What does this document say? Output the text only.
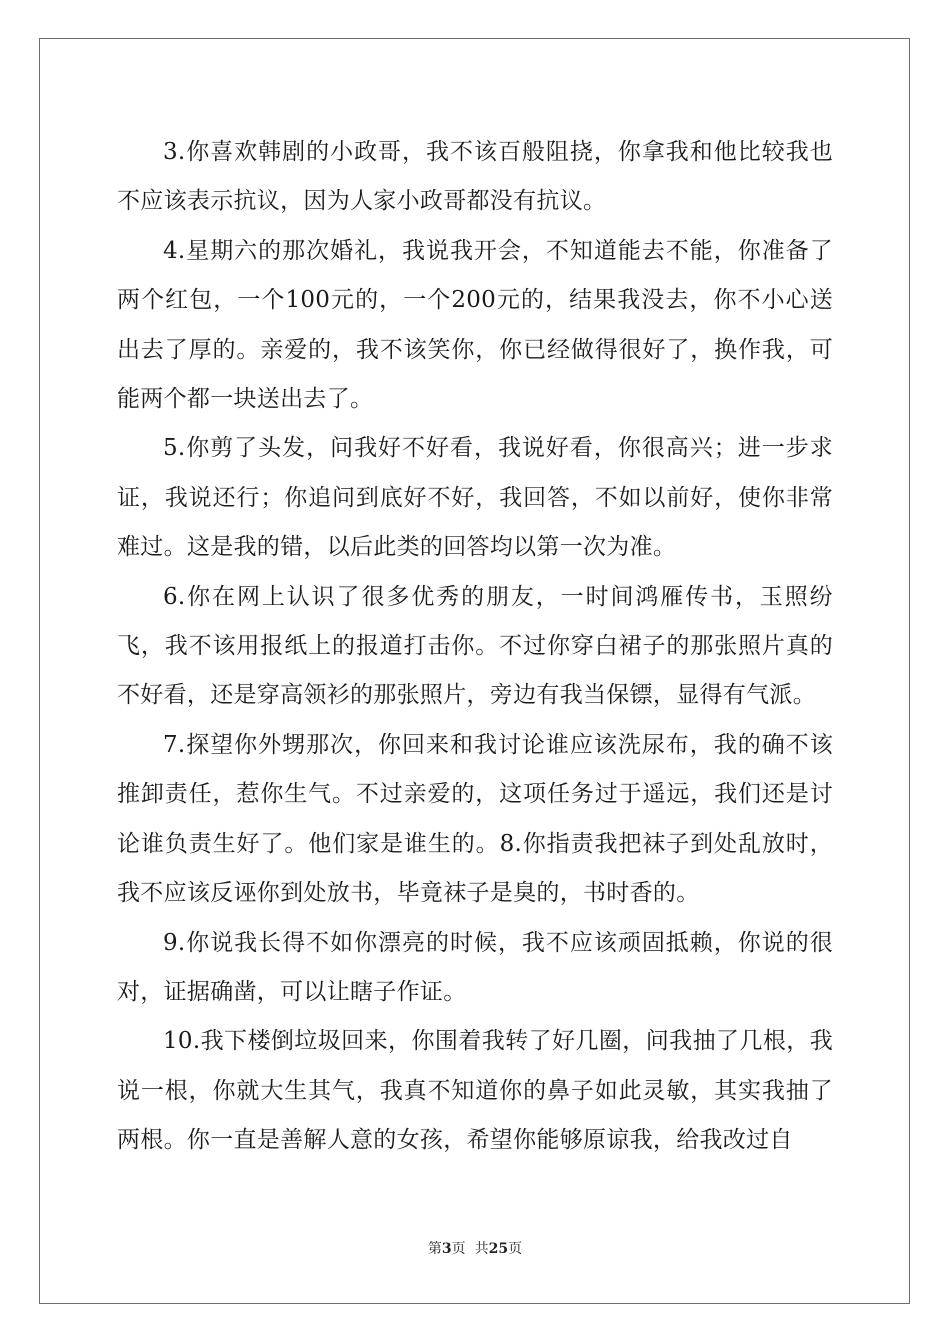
3.你喜欢韩剧的小政哥，我不该百般阻挠，你拿我和他比较我也不应该表示抗议，因为人家小政哥都没有抗议。

4.星期六的那次婚礼，我说我开会，不知道能去不能，你准备了两个红包，一个100元的，一个200元的，结果我没去，你不小心送出去了厚的。亲爱的，我不该笑你，你已经做得很好了，换作我，可能两个都一块送出去了。

5.你剪了头发，问我好不好看，我说好看，你很高兴；进一步求证，我说还行；你追问到底好不好，我回答，不如以前好，使你非常难过。这是我的错，以后此类的回答均以第一次为准。

6.你在网上认识了很多优秀的朋友，一时间鸿雁传书，玉照纷飞，我不该用报纸上的报道打击你。不过你穿白裙子的那张照片真的不好看，还是穿高领衫的那张照片，旁边有我当保镖，显得有气派。

7.探望你外甥那次，你回来和我讨论谁应该洗尿布，我的确不该推卸责任，惹你生气。不过亲爱的，这项任务过于遥远，我们还是讨论谁负责生好了。他们家是谁生的。8.你指责我把袜子到处乱放时，我不应该反诬你到处放书，毕竟袜子是臭的，书时香的。

9.你说我长得不如你漂亮的时候，我不应该顽固抵赖，你说的很对，证据确凿，可以让瞎子作证。

10.我下楼倒垃圾回来，你围着我转了好几圈，问我抽了几根，我说一根，你就大生其气，我真不知道你的鼻子如此灵敏，其实我抽了两根。你一直是善解人意的女孩，希望你能够原谅我，给我改过自

第3页  共25页
